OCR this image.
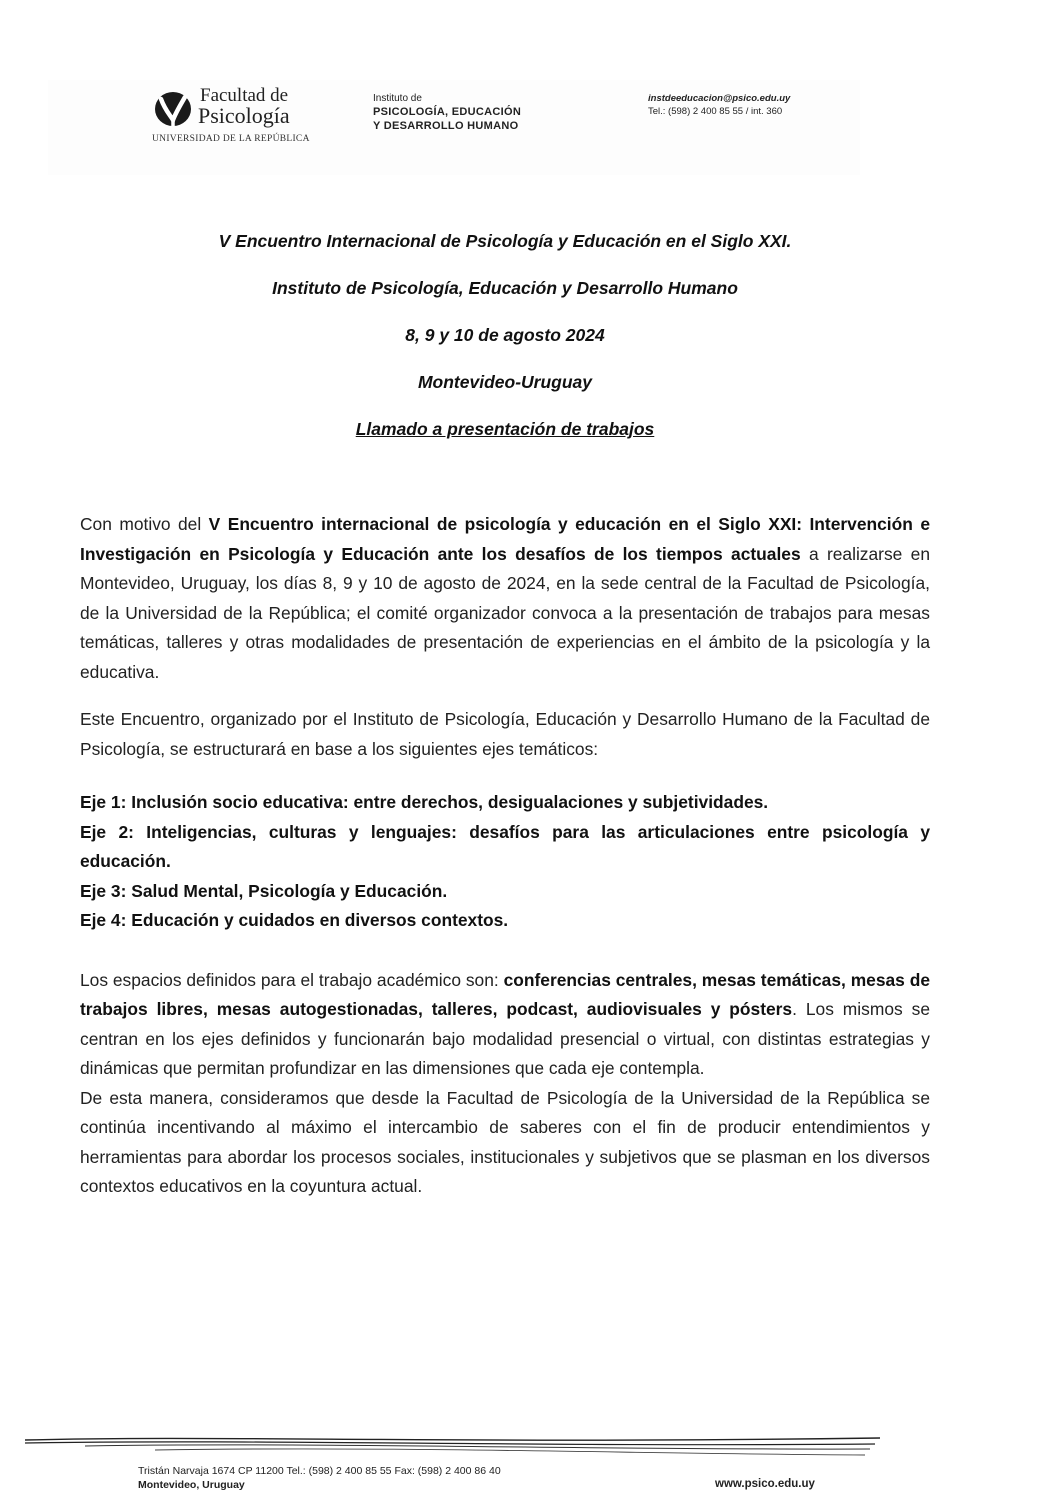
Facultad de
Psicología
UNIVERSIDAD DE LA REPÚBLICA
Instituto de
PSICOLOGÍA, EDUCACIÓN
Y DESARROLLO HUMANO
instdeeducacion@psico.edu.uy
Tel.: (598) 2 400 85 55 / int. 360

V Encuentro Internacional de Psicología y Educación en el Siglo XXI.

Instituto de Psicología, Educación y Desarrollo Humano

8, 9 y 10 de agosto 2024

Montevideo-Uruguay

Llamado a presentación de trabajos

Con motivo del V Encuentro internacional de psicología y educación en el Siglo XXI: Intervención e Investigación en Psicología y Educación ante los desafíos de los tiempos actuales a realizarse en Montevideo, Uruguay, los días 8, 9 y 10 de agosto de 2024, en la sede central de la Facultad de Psicología, de la Universidad de la República; el comité organizador convoca a la presentación de trabajos para mesas temáticas, talleres y otras modalidades de presentación de experiencias en el ámbito de la psicología y la educativa.

Este Encuentro, organizado por el Instituto de Psicología, Educación y Desarrollo Humano de la Facultad de Psicología, se estructurará en base a los siguientes ejes temáticos:

Eje 1: Inclusión socio educativa: entre derechos, desigualaciones y subjetividades.

Eje 2: Inteligencias, culturas y lenguajes: desafíos para las articulaciones entre psicología y educación.

Eje 3: Salud Mental, Psicología y Educación.

Eje 4: Educación y cuidados en diversos contextos.

Los espacios definidos para el trabajo académico son: conferencias centrales, mesas temáticas, mesas de trabajos libres, mesas autogestionadas, talleres, podcast, audiovisuales y pósters. Los mismos se centran en los ejes definidos y funcionarán bajo modalidad presencial o virtual, con distintas estrategias y dinámicas que permitan profundizar en las dimensiones que cada eje contempla.

De esta manera, consideramos que desde la Facultad de Psicología de la Universidad de la República se continúa incentivando al máximo el intercambio de saberes con el fin de producir entendimientos y herramientas para abordar los procesos sociales, institucionales y subjetivos que se plasman en los diversos contextos educativos en la coyuntura actual.

Tristán Narvaja 1674 CP 11200 Tel.: (598) 2 400 85 55 Fax: (598) 2 400 86 40
Montevideo, Uruguay	www.psico.edu.uy
